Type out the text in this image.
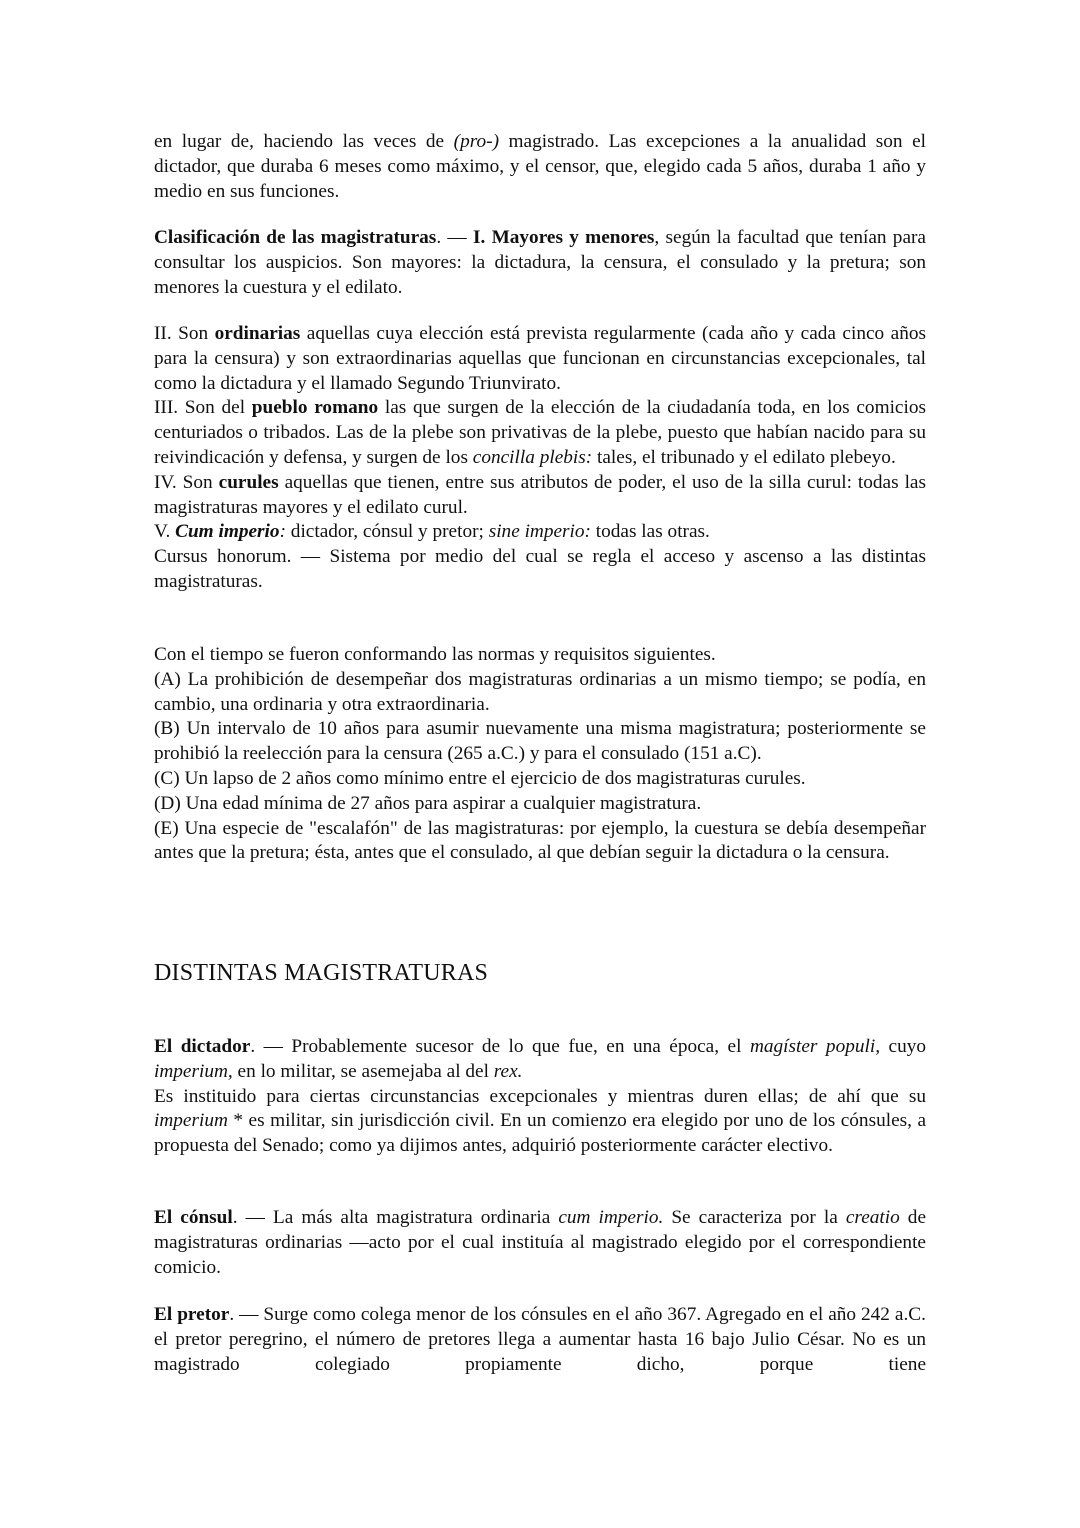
en lugar de, haciendo las veces de (pro-) magistrado. Las excepciones a la anualidad son el dictador, que duraba 6 meses como máximo, y el censor, que, elegido cada 5 años, duraba 1 año y medio en sus funciones.

Clasificación de las magistraturas. — I. Mayores y menores, según la facultad que tenían para consultar los auspicios. Son mayores: la dictadura, la censura, el consulado y la pretura; son menores la cuestura y el edilato.

II. Son ordinarias aquellas cuya elección está prevista regularmente (cada año y cada cinco años para la censura) y son extraordinarias aquellas que funcionan en circunstancias excepcionales, tal como la dictadura y el llamado Segundo Triunvirato.

III. Son del pueblo romano las que surgen de la elección de la ciudadanía toda, en los comicios centuriados o tribados. Las de la plebe son privativas de la plebe, puesto que habían nacido para su reivindicación y defensa, y surgen de los concilla plebis: tales, el tribunado y el edilato plebeyo.

IV. Son curules aquellas que tienen, entre sus atributos de poder, el uso de la silla curul: todas las magistraturas mayores y el edilato curul.

V. Cum imperio: dictador, cónsul y pretor; sine imperio: todas las otras.

Cursus honorum. — Sistema por medio del cual se regla el acceso y ascenso a las distintas magistraturas.

Con el tiempo se fueron conformando las normas y requisitos siguientes.

(A) La prohibición de desempeñar dos magistraturas ordinarias a un mismo tiempo; se podía, en cambio, una ordinaria y otra extraordinaria.

(B) Un intervalo de 10 años para asumir nuevamente una misma magistratura; posteriormente se prohibió la reelección para la censura (265 a.C.) y para el consulado (151 a.C).

(C) Un lapso de 2 años como mínimo entre el ejercicio de dos magistraturas curules.

(D) Una edad mínima de 27 años para aspirar a cualquier magistratura.

(E) Una especie de "escalafón" de las magistraturas: por ejemplo, la cuestura se debía desempeñar antes que la pretura; ésta, antes que el consulado, al que debían seguir la dictadura o la censura.

DISTINTAS MAGISTRATURAS

El dictador. — Probablemente sucesor de lo que fue, en una época, el magíster populi, cuyo imperium, en lo militar, se asemejaba al del rex.

Es instituido para ciertas circunstancias excepcionales y mientras duren ellas; de ahí que su imperium * es militar, sin jurisdicción civil. En un comienzo era elegido por uno de los cónsules, a propuesta del Senado; como ya dijimos antes, adquirió posteriormente carácter electivo.

El cónsul. — La más alta magistratura ordinaria cum imperio. Se caracteriza por la creatio de magistraturas ordinarias —acto por el cual instituía al magistrado elegido por el correspondiente comicio.

El pretor. — Surge como colega menor de los cónsules en el año 367. Agregado en el año 242 a.C. el pretor peregrino, el número de pretores llega a aumentar hasta 16 bajo Julio César. No es un magistrado colegiado propiamente dicho, porque tiene
